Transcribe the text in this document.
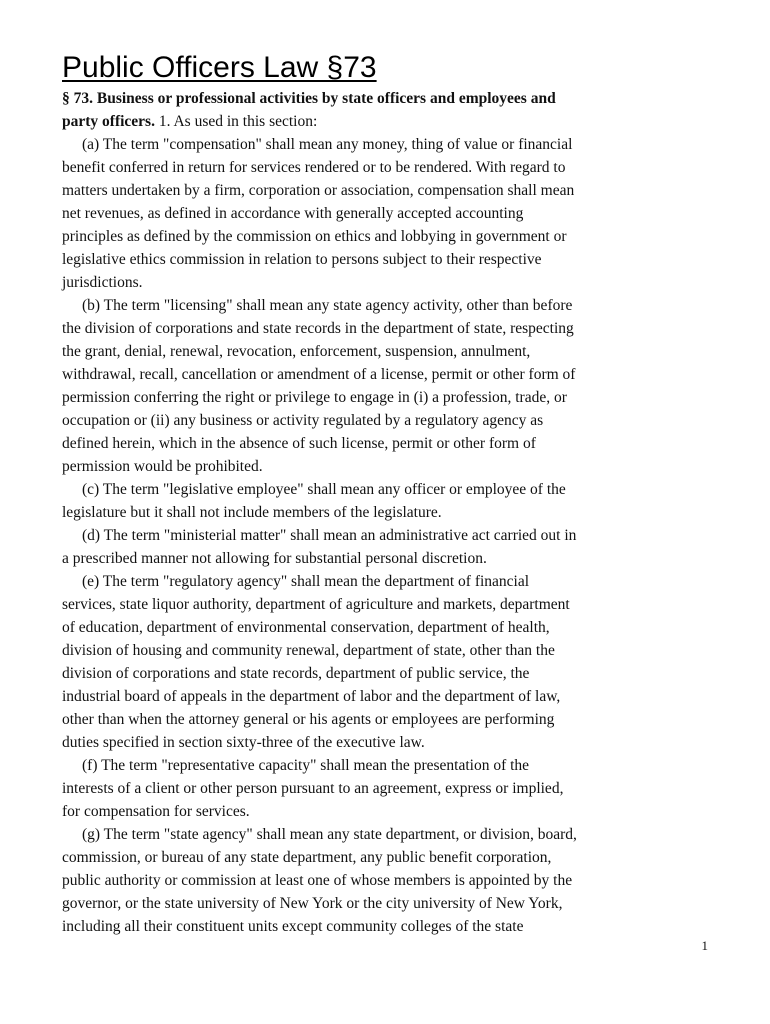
Public Officers Law §73
§ 73. Business or professional activities by state officers and employees and
party officers. 1. As used in this section:
(a) The term "compensation" shall mean any money, thing of value or financial
benefit conferred in return for services rendered or to be rendered. With regard to
matters undertaken by a firm, corporation or association, compensation shall mean
net revenues, as defined in accordance with generally accepted accounting
principles as defined by the commission on ethics and lobbying in government or
legislative ethics commission in relation to persons subject to their respective
jurisdictions.
(b) The term "licensing" shall mean any state agency activity, other than before
the division of corporations and state records in the department of state, respecting
the grant, denial, renewal, revocation, enforcement, suspension, annulment,
withdrawal, recall, cancellation or amendment of a license, permit or other form of
permission conferring the right or privilege to engage in (i) a profession, trade, or
occupation or (ii) any business or activity regulated by a regulatory agency as
defined herein, which in the absence of such license, permit or other form of
permission would be prohibited.
(c) The term "legislative employee" shall mean any officer or employee of the
legislature but it shall not include members of the legislature.
(d) The term "ministerial matter" shall mean an administrative act carried out in
a prescribed manner not allowing for substantial personal discretion.
(e) The term "regulatory agency" shall mean the department of financial
services, state liquor authority, department of agriculture and markets, department
of education, department of environmental conservation, department of health,
division of housing and community renewal, department of state, other than the
division of corporations and state records, department of public service, the
industrial board of appeals in the department of labor and the department of law,
other than when the attorney general or his agents or employees are performing
duties specified in section sixty-three of the executive law.
(f) The term "representative capacity" shall mean the presentation of the
interests of a client or other person pursuant to an agreement, express or implied,
for compensation for services.
(g) The term "state agency" shall mean any state department, or division, board,
commission, or bureau of any state department, any public benefit corporation,
public authority or commission at least one of whose members is appointed by the
governor, or the state university of New York or the city university of New York,
including all their constituent units except community colleges of the state
1
